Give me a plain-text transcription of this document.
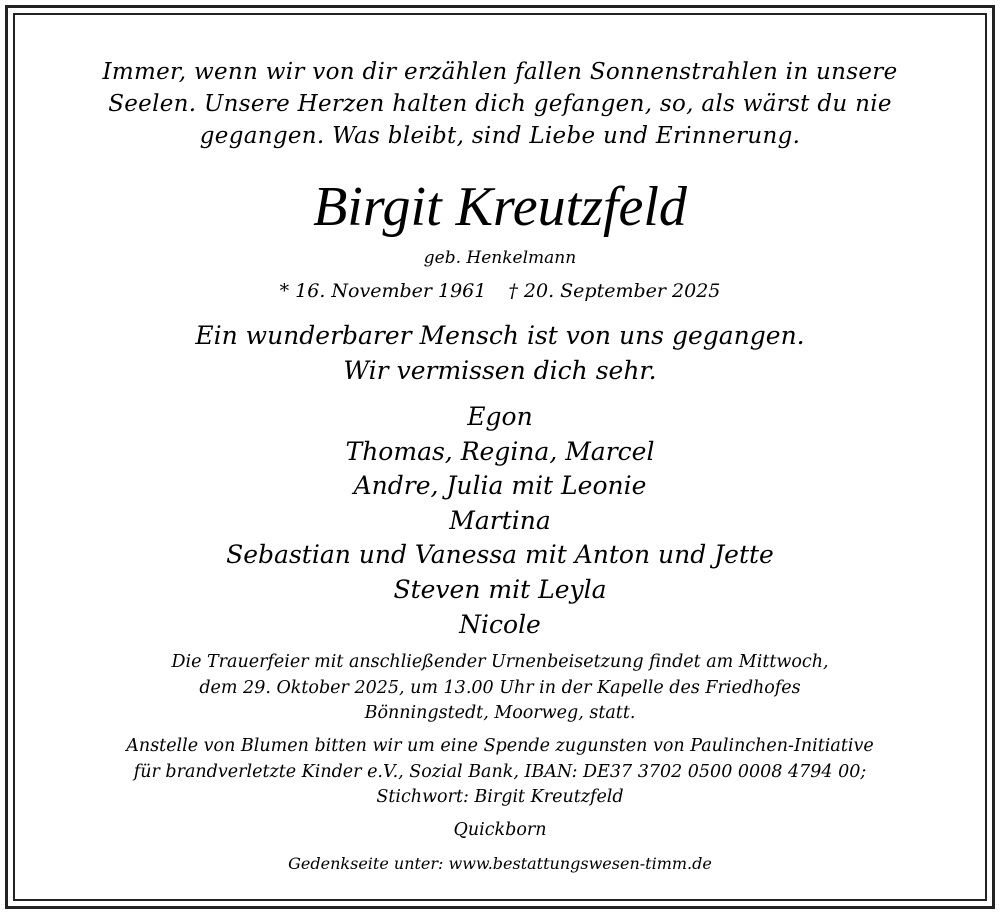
Immer, wenn wir von dir erzählen fallen Sonnenstrahlen in unsere
Seelen. Unsere Herzen halten dich gefangen, so, als wärst du nie
gegangen. Was bleibt, sind Liebe und Erinnerung.
Birgit Kreutzfeld
geb. Henkelmann
* 16. November 1961 † 20. September 2025
Ein wunderbarer Mensch ist von uns gegangen.
Wir vermissen dich sehr.
Egon
Thomas, Regina, Marcel
Andre, Julia mit Leonie
Martina
Sebastian und Vanessa mit Anton und Jette
Steven mit Leyla
Nicole
Die Trauerfeier mit anschließender Urnenbeisetzung findet am Mittwoch,
dem 29. Oktober 2025, um 13.00 Uhr in der Kapelle des Friedhofes
Bönningstedt, Moorweg, statt.
Anstelle von Blumen bitten wir um eine Spende zugunsten von Paulinchen-Initiative
für brandverletzte Kinder e.V., Sozial Bank, IBAN: DE37 3702 0500 0008 4794 00;
Stichwort: Birgit Kreutzfeld
Quickborn
Gedenkseite unter: www.bestattungswesen-timm.de
